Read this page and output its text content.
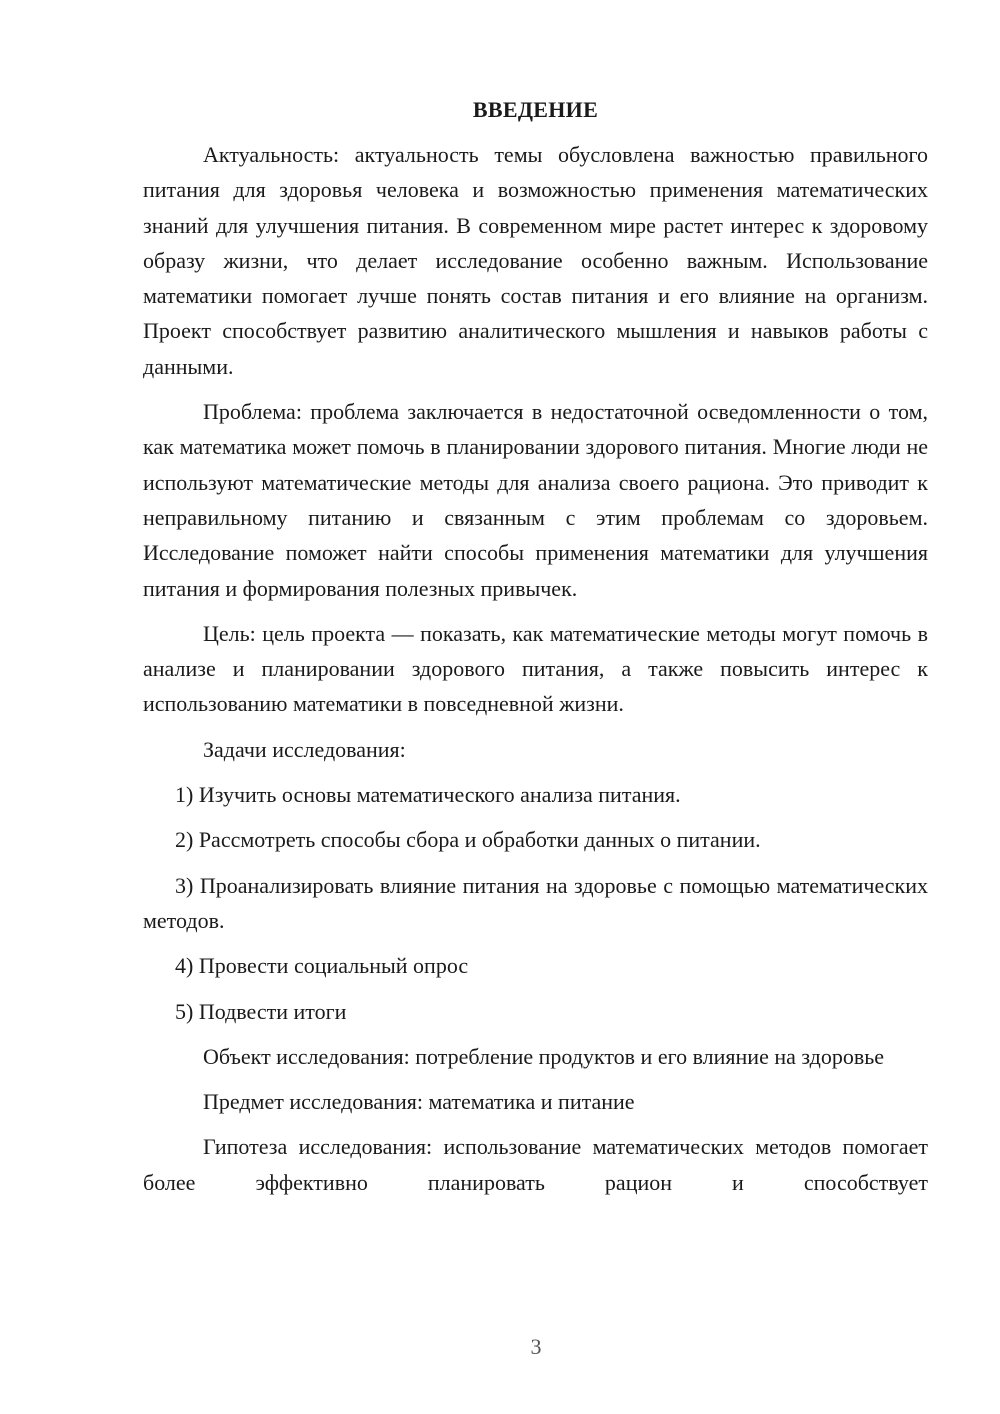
ВВЕДЕНИЕ

Актуальность: актуальность темы обусловлена важностью правильного питания для здоровья человека и возможностью применения математических знаний для улучшения питания. В современном мире растет интерес к здоровому образу жизни, что делает исследование особенно важным. Использование математики помогает лучше понять состав питания и его влияние на организм. Проект способствует развитию аналитического мышления и навыков работы с данными.

Проблема: проблема заключается в недостаточной осведомленности о том, как математика может помочь в планировании здорового питания. Многие люди не используют математические методы для анализа своего рациона. Это приводит к неправильному питанию и связанным с этим проблемам со здоровьем. Исследование поможет найти способы применения математики для улучшения питания и формирования полезных привычек.

Цель: цель проекта — показать, как математические методы могут помочь в анализе и планировании здорового питания, а также повысить интерес к использованию математики в повседневной жизни.

Задачи исследования:

1) Изучить основы математического анализа питания.

2) Рассмотреть способы сбора и обработки данных о питании.

3) Проанализировать влияние питания на здоровье с помощью математических методов.

4) Провести социальный опрос

5) Подвести итоги

Объект исследования: потребление продуктов и его влияние на здоровье

Предмет исследования: математика и питание

Гипотеза исследования: использование математических методов помогает более эффективно планировать рацион и способствует

3
